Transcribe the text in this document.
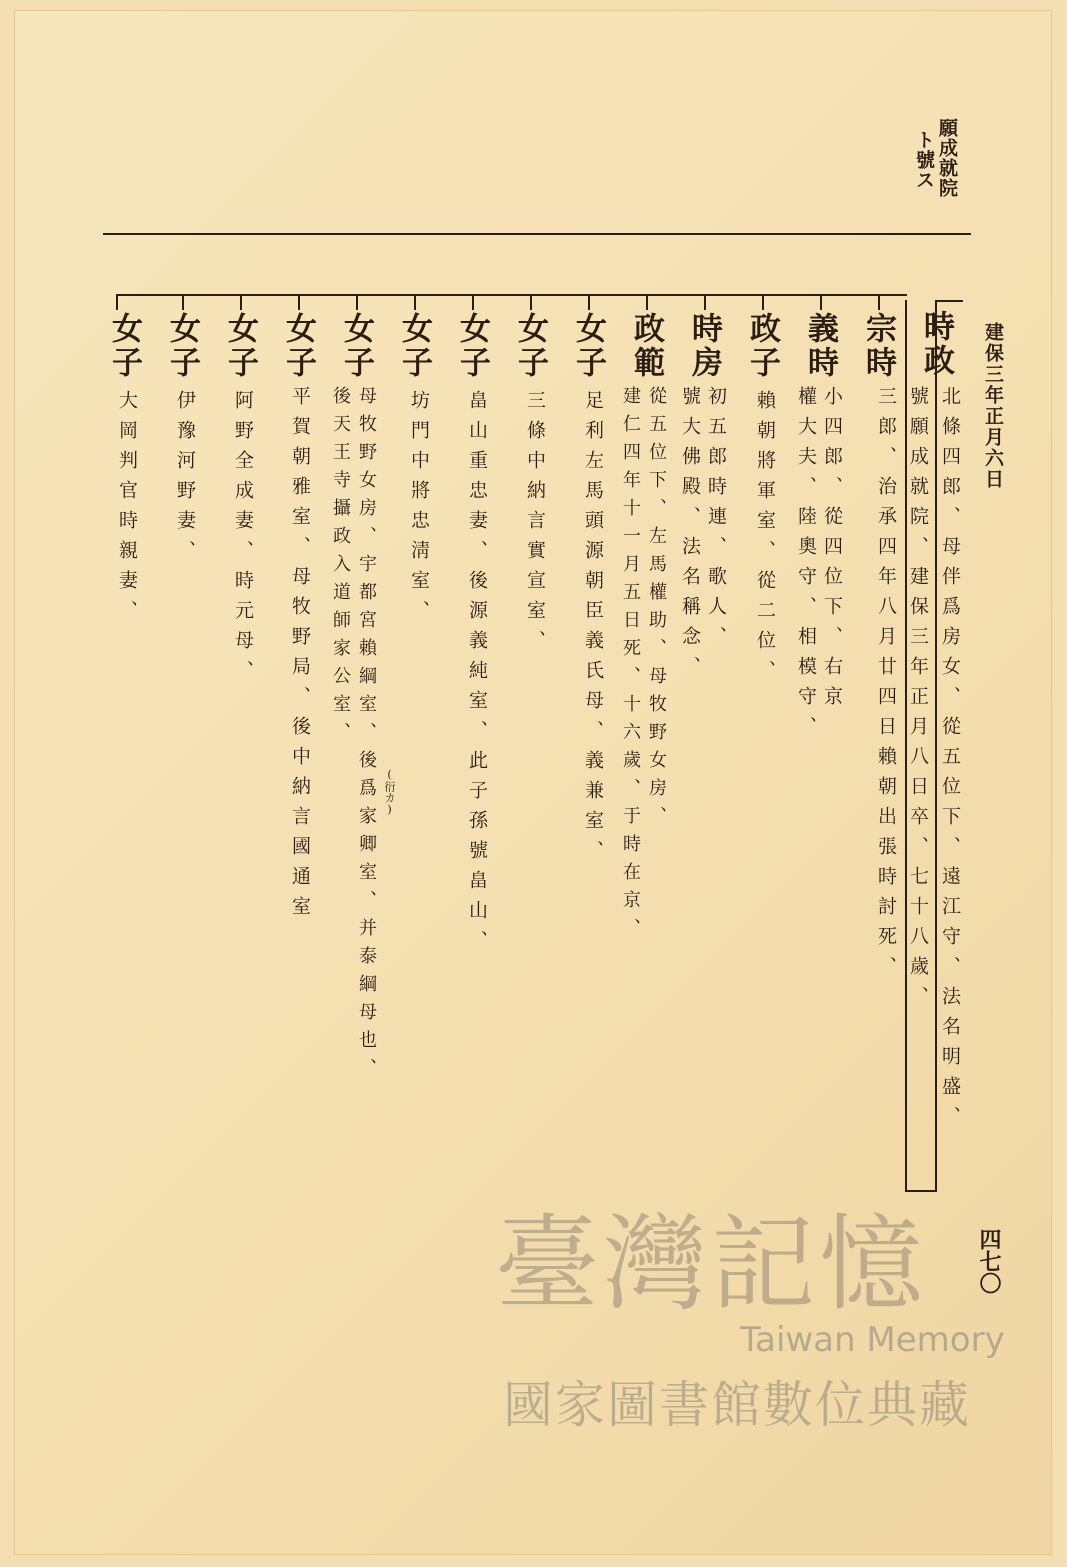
願成就院
ト號ス
建保三年正月六日
時政
北條四郎、母伴爲房女、從五位下、遠江守、法名明盛、
號願成就院、建保三年正月八日卒、七十八歲、
宗時
三郎、治承四年八月廿四日賴朝出張時討死、
義時
小四郎、從四位下、右京
權大夫、陸奧守、相模守、
政子
賴朝將軍室、從二位、
時房
初五郎時連、歌人、
號大佛殿、法名稱念、
政範
從五位下、左馬權助、母牧野女房、
建仁四年十一月五日死、十六歲、于時在京、
女子
足利左馬頭源朝臣義氏母、義兼室、
女子
三條中納言實宣室、
女子
畠山重忠妻、後源義純室、此子孫號畠山、
女子
坊門中將忠淸室、
女子
母牧野女房、宇都宮賴綱室、後爲家卿室、并泰綱母也、
後天王寺攝政入道師家公室、
(衍カ)
女子
平賀朝雅室、母牧野局、後中納言國通室
女子
阿野全成妻、時元母、
女子
伊豫河野妻、
女子
大岡判官時親妻、
四七〇
臺灣記憶
Taiwan Memory
國家圖書館數位典藏
